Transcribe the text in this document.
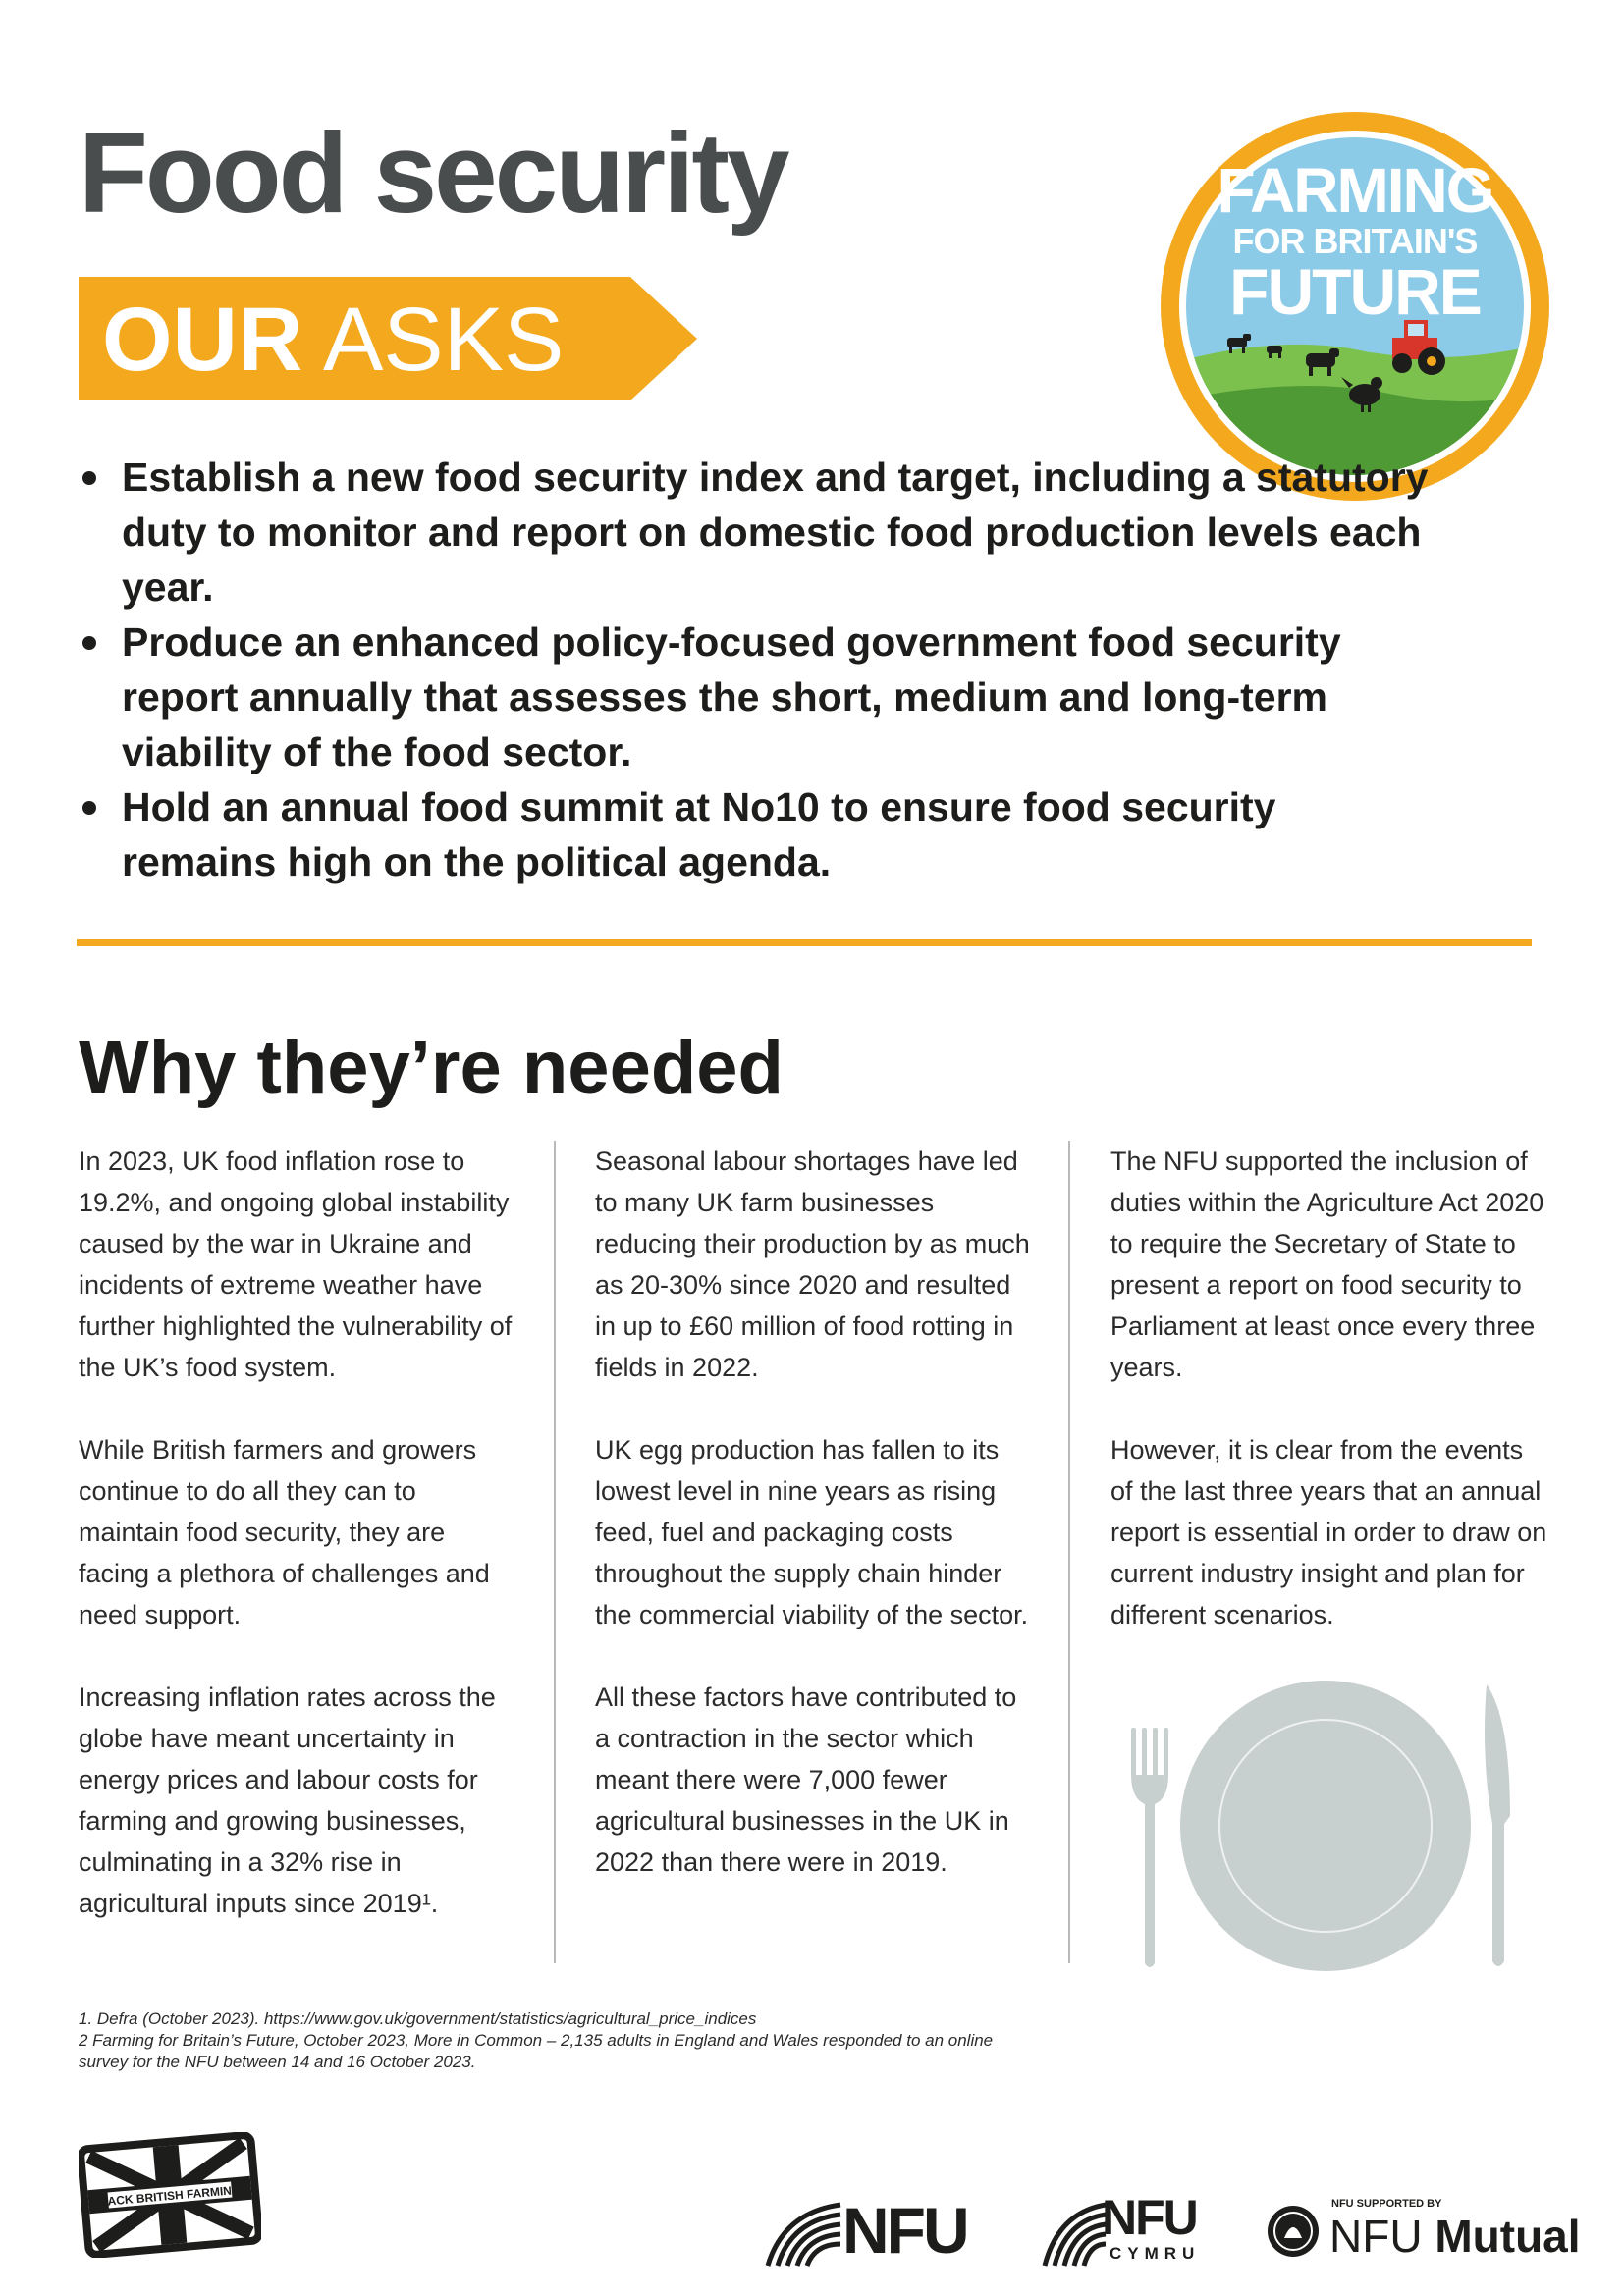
Food security
OUR ASKS
FARMING
FOR BRITAIN'S
FUTURE
Establish a new food security index and target, including a statutory duty to monitor and report on domestic food production levels each year.
Produce an enhanced policy-focused government food security report annually that assesses the short, medium and long-term viability of the food sector.
Hold an annual food summit at No10 to ensure food security remains high on the political agenda.
Why they’re needed

In 2023, UK food inflation rose to 19.2%, and ongoing global instability caused by the war in Ukraine and incidents of extreme weather have further highlighted the vulnerability of the UK’s food system.

While British farmers and growers continue to do all they can to maintain food security, they are facing a plethora of challenges and need support.

Increasing inflation rates across the globe have meant uncertainty in energy prices and labour costs for farming and growing businesses, culminating in a 32% rise in agricultural inputs since 2019¹.

Seasonal labour shortages have led to many UK farm businesses reducing their production by as much as 20-30% since 2020 and resulted in up to £60 million of food rotting in fields in 2022.

UK egg production has fallen to its lowest level in nine years as rising feed, fuel and packaging costs throughout the supply chain hinder the commercial viability of the sector.

All these factors have contributed to a contraction in the sector which meant there were 7,000 fewer agricultural businesses in the UK in 2022 than there were in 2019.

The NFU supported the inclusion of duties within the Agriculture Act 2020 to require the Secretary of State to present a report on food security to Parliament at least once every three years.

However, it is clear from the events of the last three years that an annual report is essential in order to draw on current industry insight and plan for different scenarios.

1. Defra (October 2023). https://www.gov.uk/government/statistics/agricultural_price_indices
2 Farming for Britain’s Future, October 2023, More in Common – 2,135 adults in England and Wales responded to an online
survey for the NFU between 14 and 16 October 2023.
BACK BRITISH FARMING	NFU	NFU
CYMRU
NFU SUPPORTED BY
NFU Mutual
